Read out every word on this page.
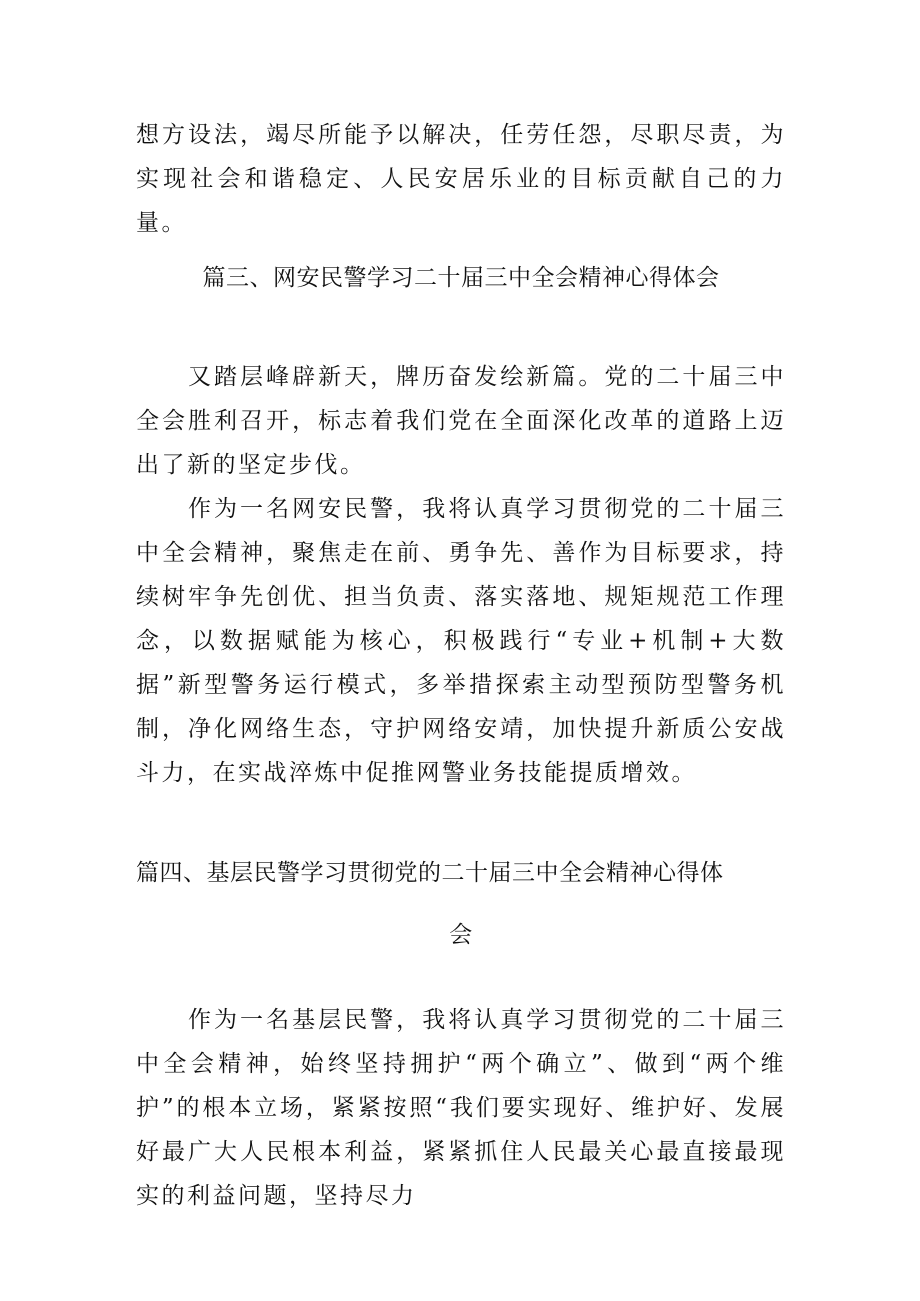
想方设法，竭尽所能予以解决，任劳任怨，尽职尽责，为实现社会和谐稳定、人民安居乐业的目标贡献自己的力量。

篇三、网安民警学习二十届三中全会精神心得体会

又踏层峰辟新天，牌历奋发绘新篇。党的二十届三中全会胜利召开，标志着我们党在全面深化改革的道路上迈出了新的坚定步伐。

作为一名网安民警，我将认真学习贯彻党的二十届三中全会精神，聚焦走在前、勇争先、善作为目标要求，持续树牢争先创优、担当负责、落实落地、规矩规范工作理念，以数据赋能为核心，积极践行“专业+机制+大数据”新型警务运行模式，多举措探索主动型预防型警务机制，净化网络生态，守护网络安靖，加快提升新质公安战斗力，在实战淬炼中促推网警业务技能提质增效。

篇四、基层民警学习贯彻党的二十届三中全会精神心得体
会

作为一名基层民警，我将认真学习贯彻党的二十届三中全会精神，始终坚持拥护“两个确立”、做到“两个维护”的根本立场，紧紧按照“我们要实现好、维护好、发展好最广大人民根本利益，紧紧抓住人民最关心最直接最现实的利益问题，坚持尽力
